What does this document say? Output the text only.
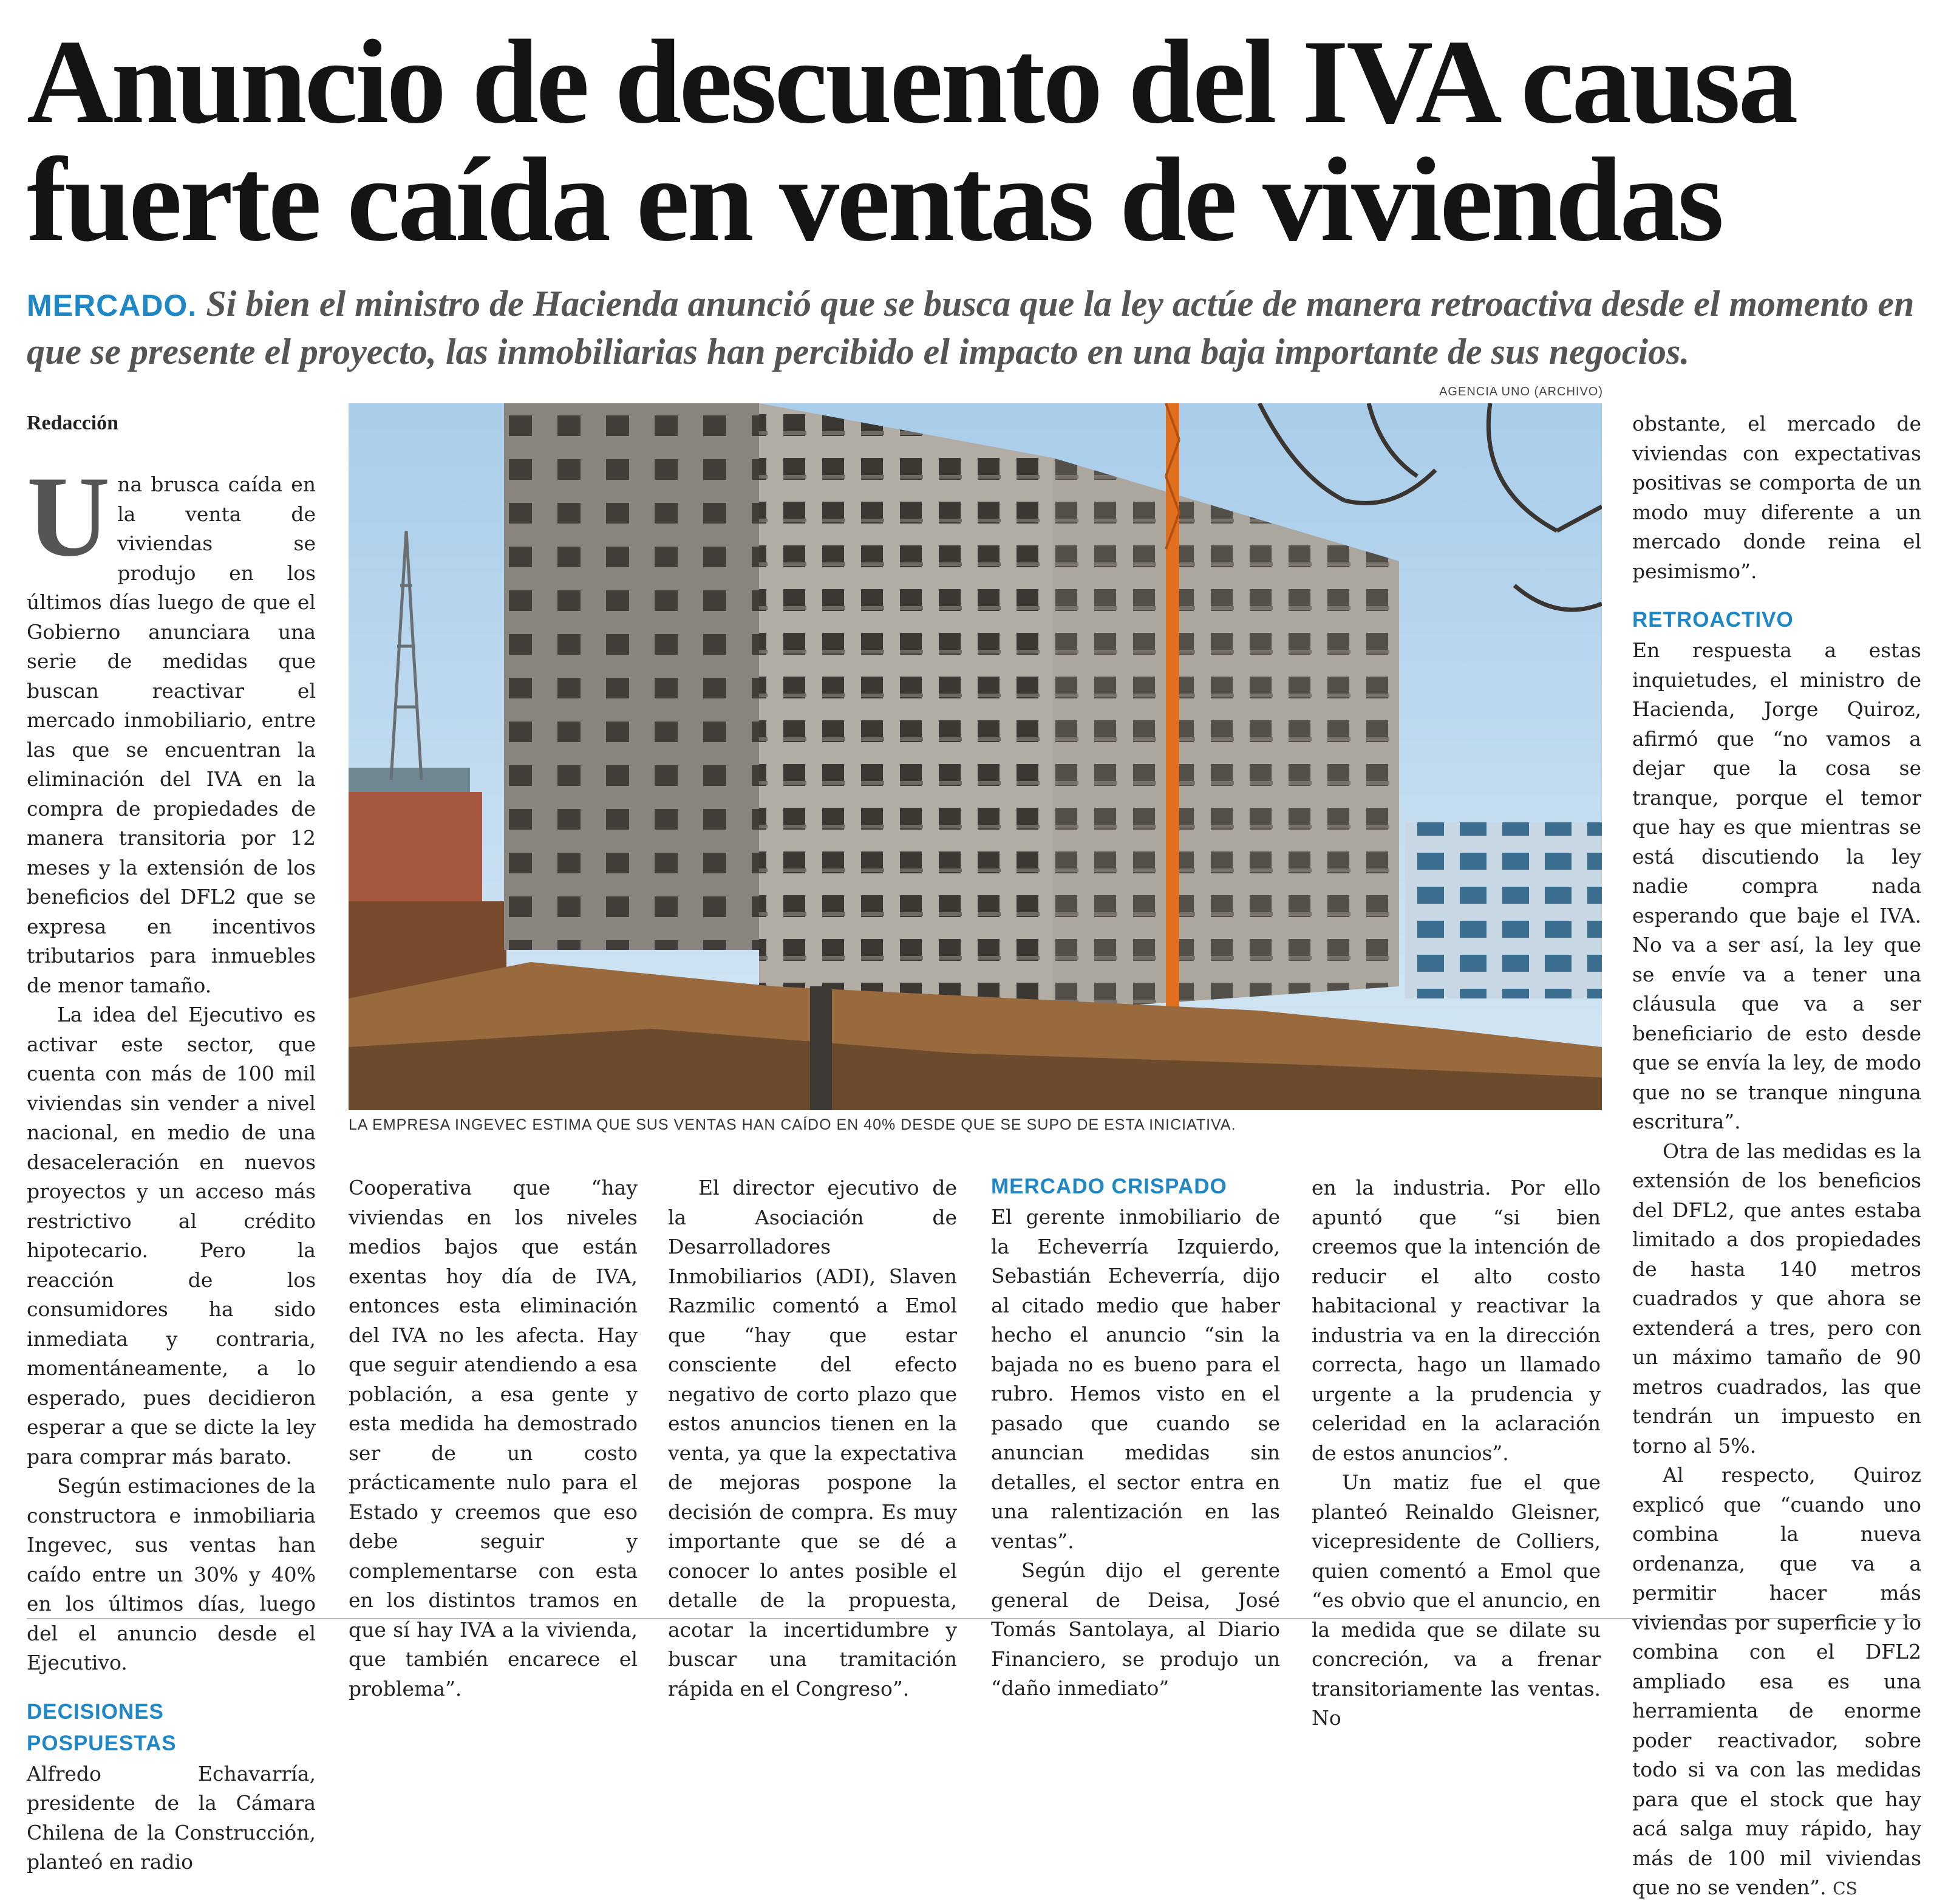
Anuncio de descuento del IVA causa fuerte caída en ventas de viviendas

MERCADO. Si bien el ministro de Hacienda anunció que se busca que la ley actúe de manera retroactiva desde el momento en que se presente el proyecto, las inmobiliarias han percibido el impacto en una baja importante de sus negocios.

Redacción
AGENCIA UNO (ARCHIVO)
LA EMPRESA INGEVEC ESTIMA QUE SUS VENTAS HAN CAÍDO EN 40% DESDE QUE SE SUPO DE ESTA INICIATIVA.
U na brusca caída en la venta de viviendas se produjo en los últimos días luego de que el Gobierno anunciara una serie de medidas que buscan reactivar el mercado inmobiliario, entre las que se encuentran la eliminación del IVA en la compra de propiedades de manera transitoria por 12 meses y la extensión de los beneficios del DFL2 que se expresa en incentivos tributarios para inmuebles de menor tamaño.

La idea del Ejecutivo es activar este sector, que cuenta con más de 100 mil viviendas sin vender a nivel nacional, en medio de una desaceleración en nuevos proyectos y un acceso más restrictivo al crédito hipotecario. Pero la reacción de los consumidores ha sido inmediata y contraria, momentáneamente, a lo esperado, pues decidieron esperar a que se dicte la ley para comprar más barato.

Según estimaciones de la constructora e inmobiliaria Ingevec, sus ventas han caído entre un 30% y 40% en los últimos días, luego del el anuncio desde el Ejecutivo.

DECISIONES POSPUESTAS

Alfredo Echavarría, presidente de la Cámara Chilena de la Construcción, planteó en radio

Cooperativa que “hay viviendas en los niveles medios bajos que están exentas hoy día de IVA, entonces esta eliminación del IVA no les afecta. Hay que seguir atendiendo a esa población, a esa gente y esta medida ha demostrado ser de un costo prácticamente nulo para el Estado y creemos que eso debe seguir y complementarse con esta en los distintos tramos en que sí hay IVA a la vivienda, que también encarece el problema”.

El director ejecutivo de la Asociación de Desarrolladores Inmobiliarios (ADI), Slaven Razmilic comentó a Emol que “hay que estar consciente del efecto negativo de corto plazo que estos anuncios tienen en la venta, ya que la expectativa de mejoras pospone la decisión de compra. Es muy importante que se dé a conocer lo antes posible el detalle de la propuesta, acotar la incertidumbre y buscar una tramitación rápida en el Congreso”.

MERCADO CRISPADO

El gerente inmobiliario de la Echeverría Izquierdo, Sebastián Echeverría, dijo al citado medio que haber hecho el anuncio “sin la bajada no es bueno para el rubro. Hemos visto en el pasado que cuando se anuncian medidas sin detalles, el sector entra en una ralentización en las ventas”.

Según dijo el gerente general de Deisa, José Tomás Santolaya, al Diario Financiero, se produjo un “daño inmediato”

en la industria. Por ello apuntó que “si bien creemos que la intención de reducir el alto costo habitacional y reactivar la industria va en la dirección correcta, hago un llamado urgente a la prudencia y celeridad en la aclaración de estos anuncios”.

Un matiz fue el que planteó Reinaldo Gleisner, vicepresidente de Colliers, quien comentó a Emol que “es obvio que el anuncio, en la medida que se dilate su concreción, va a frenar transitoriamente las ventas. No

obstante, el mercado de viviendas con expectativas positivas se comporta de un modo muy diferente a un mercado donde reina el pesimismo”.

RETROACTIVO

En respuesta a estas inquietudes, el ministro de Hacienda, Jorge Quiroz, afirmó que “no vamos a dejar que la cosa se tranque, porque el temor que hay es que mientras se está discutiendo la ley nadie compra nada esperando que baje el IVA. No va a ser así, la ley que se envíe va a tener una cláusula que va a ser beneficiario de esto desde que se envía la ley, de modo que no se tranque ninguna escritura”.

Otra de las medidas es la extensión de los beneficios del DFL2, que antes estaba limitado a dos propiedades de hasta 140 metros cuadrados y que ahora se extenderá a tres, pero con un máximo tamaño de 90 metros cuadrados, las que tendrán un impuesto en torno al 5%.

Al respecto, Quiroz explicó que “cuando uno combina la nueva ordenanza, que va a permitir hacer más viviendas por superficie y lo combina con el DFL2 ampliado esa es una herramienta de enorme poder reactivador, sobre todo si va con las medidas para que el stock que hay acá salga muy rápido, hay más de 100 mil viviendas que no se venden”. CS
